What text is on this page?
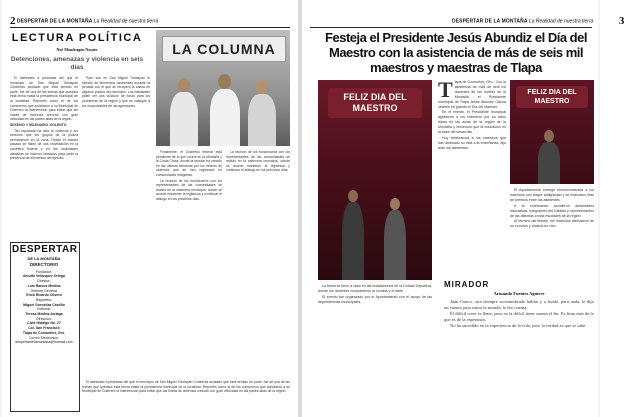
2 DESPERTAR DE LA MONTAÑA La Realidad de nuestra tierra
LECTURA POLÍTICA
Noé Mondragón Norato
Detenciones, amenazas y violencia en seis días

El asesinato a pedradas del que el municipio de San Miguel Totolapan Contreras acusado que está sentido en parte, fue de una de las fechas que quedará esta fecha hasta la presidencia municipal de la localidad. Reportes como el de los comuneros que solicitaron a su Municipal de Guerrero la intervención para evitar que las líneas de violencia crezcan con gran velocidad en las partes altas de la región.

SEXENIO Y MILENARIO VIOLENTO.

Tan reportada ha sido la violencia y los sectores que los grupos de la policía permanecen en la zona. Desde el martes pasado se habló de una movilización en la carretera federal y en las localidades aledañas se hicieron llamados para pedir la presencia de elementos del ejército.

Paro son en San Miguel Totolapan el ejército de elementos castrenses durante la jornada con el que se recuperó la calma en algunos puntos del municipio. Los habitantes piden ver una solución de fondo para los problemas de la región y que se castigue a los responsables de las agresiones.

LA COLUMNA

Finalmente, el Gobierno federal está pendiente de lo que ocurre en la Montaña y la Costa Chica, donde la tensión ha crecido en las últimas semanas por los hechos de violencia que se han registrado en comunidades indígenas.

La reunión de los funcionarios con los representantes de las comunidades se realizó en la cabecera municipal, donde se acordó mantener la vigilancia y continuar el diálogo en los próximos días.

La reunión de los funcionarios con los representantes de las comunidades se realizó en la cabecera municipal, donde se acordó mantener la vigilancia y continuar el diálogo en los próximos días.

DESPERTAR
DE LA MONTAÑA
DIRECTORIO
Fundador:
Amulfo Velázquez Ortega
Director:
Luis Ramos Medina
Gerente General:
Erick Ricardo Olivera
Reportero:
Miguel Gorostiza Castillo
Editorial:
Teresa Medina Arriaga
Dirección:
Calle Hidalgo No. 27
Col. San Francisco
Tlapa de Comonfort, Gro.
Correo Electrónico:
despertardelamontana@hotmail.com

El asesinato a pedradas del que el municipio de San Miguel Totolapan Contreras acusado que está sentido en parte, fue de una de las fechas que quedará esta fecha hasta la presidencia municipal de la localidad. Reportes como el de los comuneros que solicitaron a su Municipal de Guerrero la intervención para evitar que las líneas de violencia crezcan con gran velocidad en las partes altas de la región.

DESPERTAR DE LA MONTAÑA La Realidad de nuestra tierra 3
Festeja el Presidente Jesús Abundiz el Día del Maestro con la asistencia de más de seis mil maestros y maestras de Tlapa
FELIZ DIA DEL MAESTRO
T lapa de Comonfort, Gro.- Con la asistencia de más de seis mil docentes de los niveles de la Montaña, el Presidente municipal de Tlapa Jesús Abundiz García celebró en grande el Día del Maestro.

En el evento, el Presidente municipal agradeció a los maestros por su labor diaria en las aulas de la región de la Montaña y reconoció que la educación es la base del desarrollo.

Hoy celebramos a los maestros que han dedicado su vida a la enseñanza, dijo ante los asistentes.

FELIZ DIA DEL MAESTRO

El Ayuntamiento entregó reconocimientos a los maestros con mayor antigüedad y se realizaron rifas de premios entre los asistentes.

A la celebración acudieron autoridades educativas, integrantes del Cabildo y representantes de las distintas zonas escolares de la región.

Al término del festejo, los maestros disfrutaron de un convivio y música en vivo.

La fiesta se llevó a cabo en las instalaciones de la Unidad Deportiva, donde los docentes compartieron la comida y el baile.

El evento fue organizado por el Ayuntamiento con el apoyo de las dependencias municipales.

MIRADOR
Armando Fuentes Aguirre

Juan Cuaco, otra siempre acostumbrado hablar y a fondo, para nada, le dijo un cuento para mirar la mirada, le dio cuenta.

Él difícil creer es lleno, pero en la difícil tiene cuenta el fin. Es finar más de lo que es de la esperanza.

No ha sucedido en la experiencia de la vida, pero la verdad es que se sabe.
